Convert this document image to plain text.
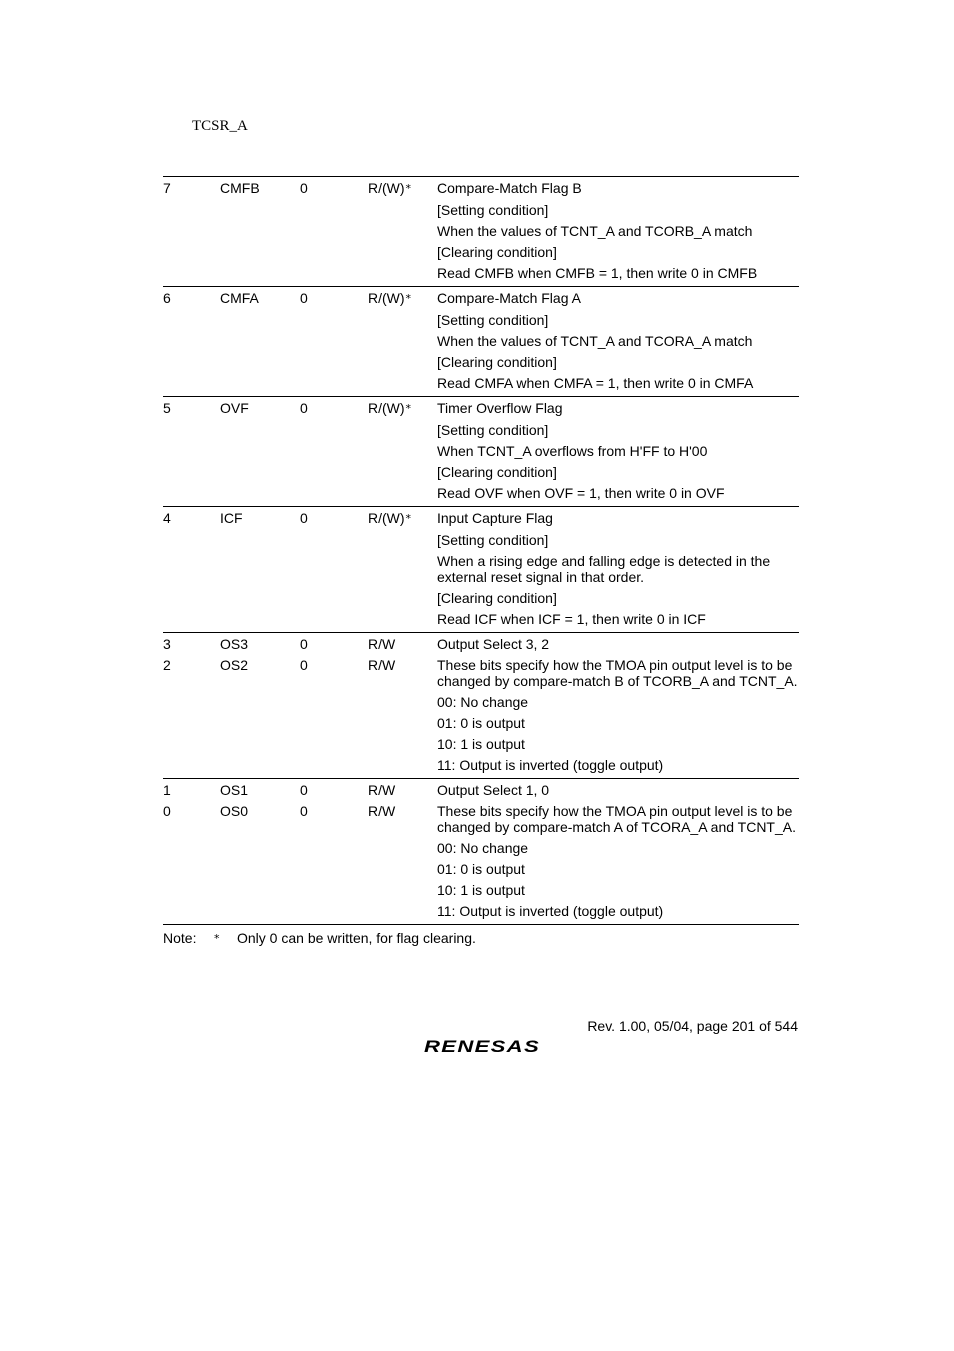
TCSR_A
7	CMFB	0	R/(W)*	Compare-Match Flag B
[Setting condition]
When the values of TCNT_A and TCORB_A match
[Clearing condition]
Read CMFB when CMFB = 1, then write 0 in CMFB
6	CMFA	0	R/(W)*	Compare-Match Flag A
[Setting condition]
When the values of TCNT_A and TCORA_A match
[Clearing condition]
Read CMFA when CMFA = 1, then write 0 in CMFA
5	OVF	0	R/(W)*	Timer Overflow Flag
[Setting condition]
When TCNT_A overflows from H'FF to H'00
[Clearing condition]
Read OVF when OVF = 1, then write 0 in OVF
4	ICF	0	R/(W)*	Input Capture Flag
[Setting condition]
When a rising edge and falling edge is detected in the external reset signal in that order.
[Clearing condition]
Read ICF when ICF = 1, then write 0 in ICF
3	OS3	0	R/W	Output Select 3, 2
2	OS2	0	R/W	These bits specify how the TMOA pin output level is to be changed by compare-match B of TCORB_A and TCNT_A.
00: No change
01: 0 is output
10: 1 is output
11: Output is inverted (toggle output)
1	OS1	0	R/W	Output Select 1, 0
0	OS0	0	R/W	These bits specify how the TMOA pin output level is to be changed by compare-match A of TCORA_A and TCNT_A.
00: No change
01: 0 is output
10: 1 is output
11: Output is inverted (toggle output)
Note:	*	Only 0 can be written, for flag clearing.
Rev. 1.00, 05/04, page 201 of 544
RENESAS
